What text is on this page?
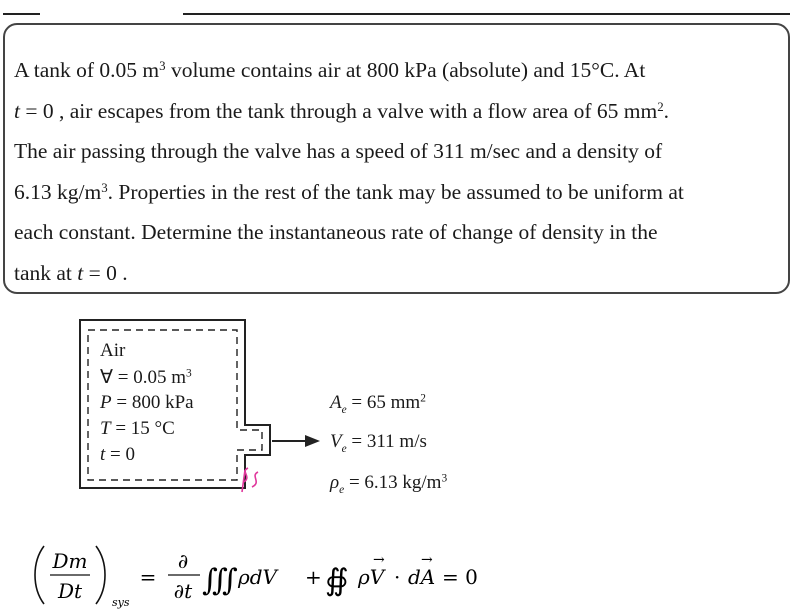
A tank of 0.05 $m^3$ volume contains air at 800 kPa (absolute) and 15°C. At
t = 0 , air escapes from the tank through a valve with a flow area of 65 $mm^2$.
The air passing through the valve has a speed of 311 m/sec and a density of
6.13 $kg/m^3$. Properties in the rest of the tank may be assumed to be uniform at
each constant. Determine the instantaneous rate of change of density in the
tank at t = 0 .
Air
∀ = 0.05 $m^3$
P = 800 kPa
T = 15 °C
t = 0
$A_e = 65$ $mm^2$
$V_e = 311$ m/s
$\rho_e = 6.13$ $kg/m^3$
Dm
Dt	sys
=
∂
∂t ∭ ρdV + ∯ ρV
→
· dA
→
= 0
